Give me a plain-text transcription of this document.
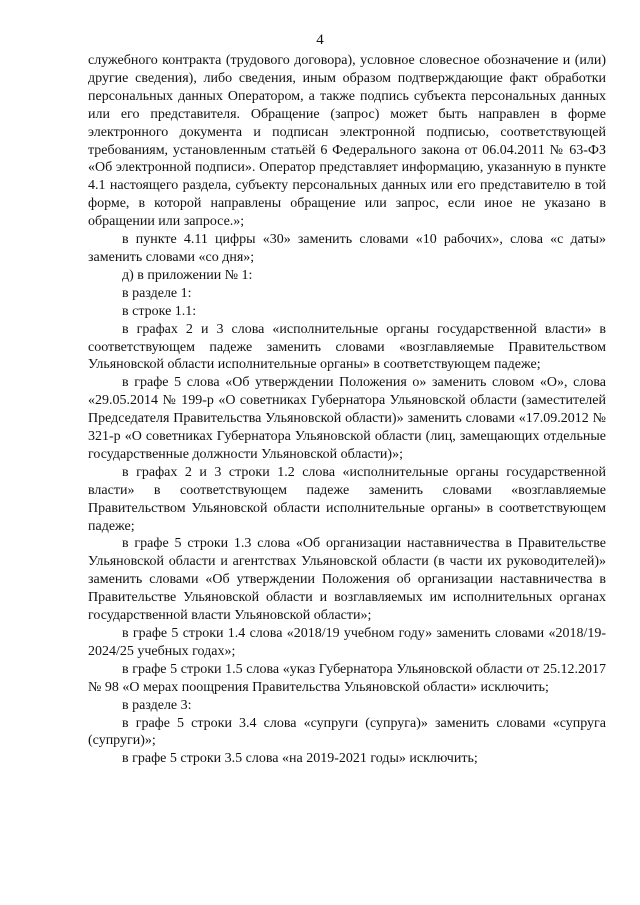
4

служебного контракта (трудового договора), условное словесное обозначение и (или) другие сведения), либо сведения, иным образом подтверждающие факт обработки персональных данных Оператором, а также подпись субъекта персональных данных или его представителя. Обращение (запрос) может быть направлен в форме электронного документа и подписан электронной подписью, соответствующей требованиям, установленным статьёй 6 Федерального закона от 06.04.2011 № 63-ФЗ «Об электронной подписи». Оператор представляет информацию, указанную в пункте 4.1 настоящего раздела, субъекту персональных данных или его представителю в той форме, в которой направлены обращение или запрос, если иное не указано в обращении или запросе.»;

в пункте 4.11 цифры «30» заменить словами «10 рабочих», слова «с даты» заменить словами «со дня»;

д) в приложении № 1:

в разделе 1:

в строке 1.1:

в графах 2 и 3 слова «исполнительные органы государственной власти» в соответствующем падеже заменить словами «возглавляемые Правительством Ульяновской области исполнительные органы» в соответствующем падеже;

в графе 5 слова «Об утверждении Положения о» заменить словом «О», слова «29.05.2014 № 199-р «О советниках Губернатора Ульяновской области (заместителей Председателя Правительства Ульяновской области)» заменить словами «17.09.2012 № 321-р «О советниках Губернатора Ульяновской области (лиц, замещающих отдельные государственные должности Ульяновской области)»;

в графах 2 и 3 строки 1.2 слова «исполнительные органы государственной власти» в соответствующем падеже заменить словами «возглавляемые Правительством Ульяновской области исполнительные органы» в соответствующем падеже;

в графе 5 строки 1.3 слова «Об организации наставничества в Правительстве Ульяновской области и агентствах Ульяновской области (в части их руководителей)» заменить словами «Об утверждении Положения об организации наставничества в Правительстве Ульяновской области и возглавляемых им исполнительных органах государственной власти Ульяновской области»;

в графе 5 строки 1.4 слова «2018/19 учебном году» заменить словами «2018/19-2024/25 учебных годах»;

в графе 5 строки 1.5 слова «указ Губернатора Ульяновской области от 25.12.2017 № 98 «О мерах поощрения Правительства Ульяновской области» исключить;

в разделе 3:

в графе 5 строки 3.4 слова «супруги (супруга)» заменить словами «супруга (супруги)»;

в графе 5 строки 3.5 слова «на 2019-2021 годы» исключить;
